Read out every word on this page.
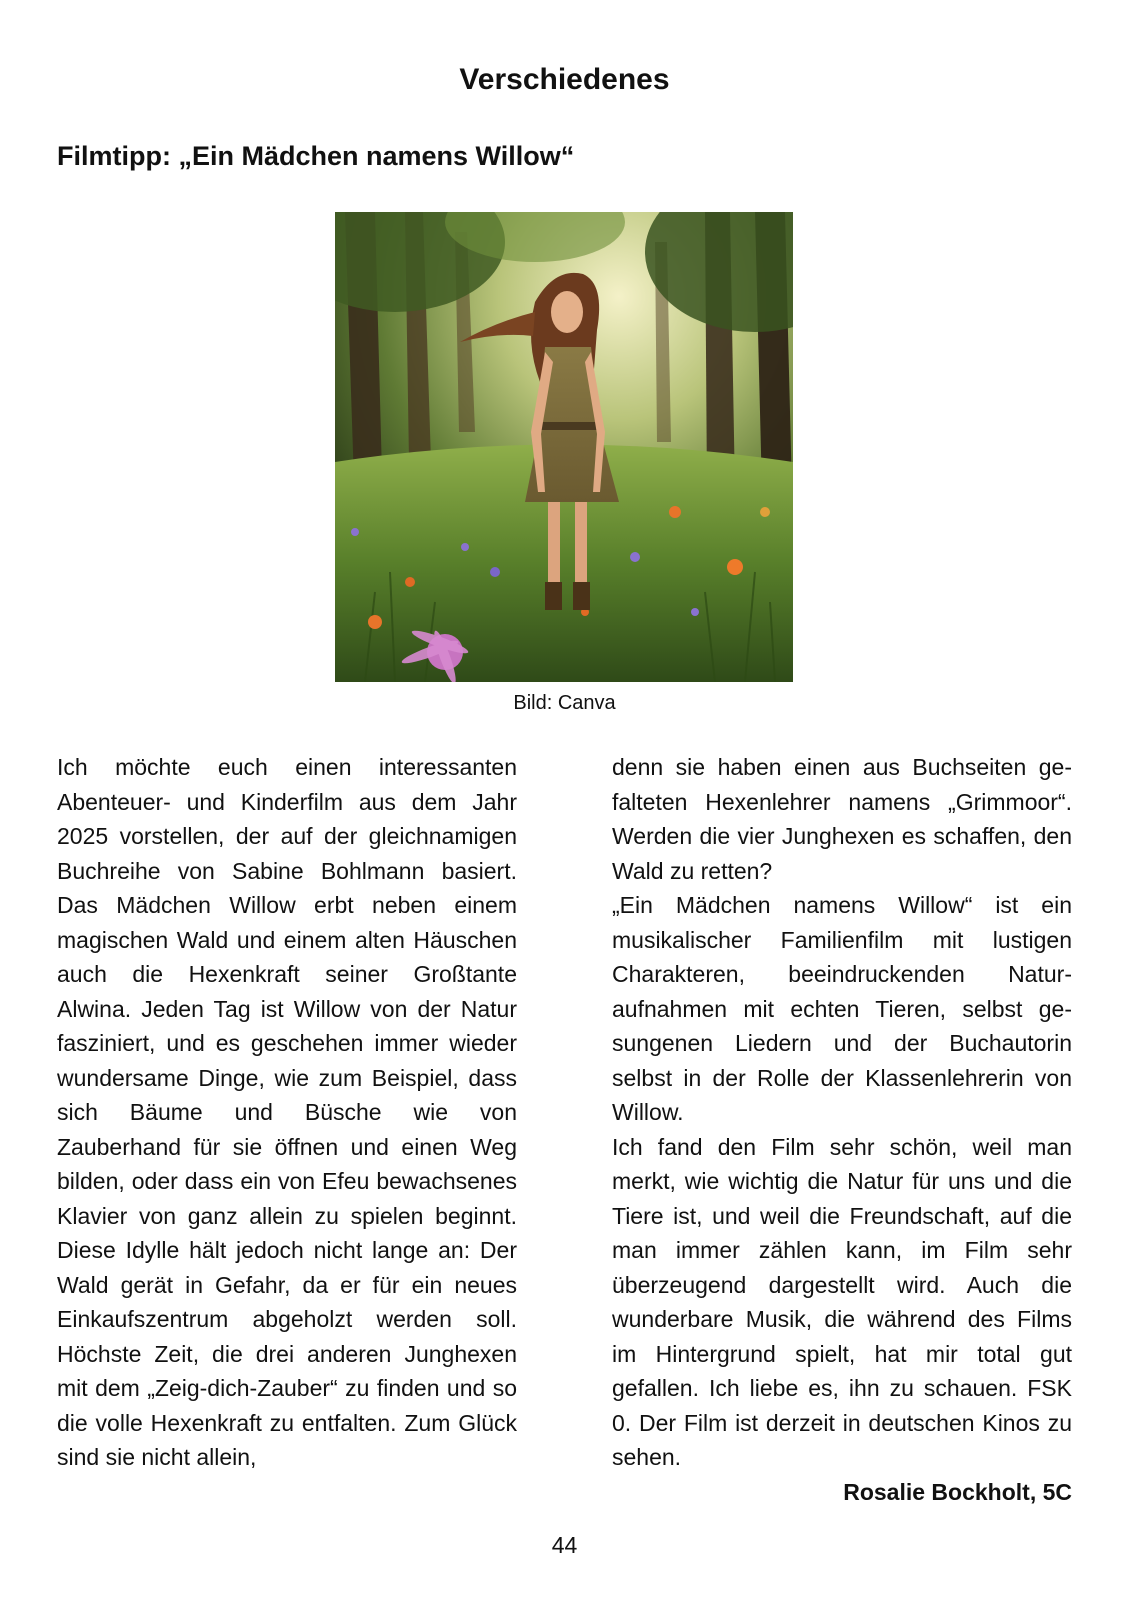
Verschiedenes
Filmtipp: „Ein Mädchen namens Willow“
Bild: Canva

Ich möchte euch einen interessanten Abenteuer- und Kinderfilm aus dem Jahr 2025 vorstellen, der auf der gleichnamigen Buchreihe von Sabine Bohlmann basiert. Das Mädchen Willow erbt neben einem magischen Wald und einem alten Häuschen auch die Hexenkraft seiner Großtante Alwina. Jeden Tag ist Willow von der Natur fasziniert, und es geschehen immer wieder wundersame Dinge, wie zum Beispiel, dass sich Bäume und Büsche wie von Zauberhand für sie öffnen und einen Weg bilden, oder dass ein von Efeu bewachsenes Klavier von ganz allein zu spielen beginnt. Diese Idylle hält jedoch nicht lange an: Der Wald gerät in Gefahr, da er für ein neues Einkaufszentrum abgeholzt werden soll. Höchste Zeit, die drei anderen Junghexen mit dem „Zeig-dich-Zauber“ zu finden und so die volle Hexenkraft zu entfalten. Zum Glück sind sie nicht allein,

denn sie haben einen aus Buchseiten gefalteten Hexenlehrer namens „Grimmoor“. Werden die vier Junghexen es schaffen, den Wald zu retten?

„Ein Mädchen namens Willow“ ist ein musikalischer Familienfilm mit lustigen Charakteren, beeindruckenden Naturaufnahmen mit echten Tieren, selbst gesungenen Liedern und der Buchautorin selbst in der Rolle der Klassenlehrerin von Willow.

Ich fand den Film sehr schön, weil man merkt, wie wichtig die Natur für uns und die Tiere ist, und weil die Freundschaft, auf die man immer zählen kann, im Film sehr überzeugend dargestellt wird. Auch die wunderbare Musik, die während des Films im Hintergrund spielt, hat mir total gut gefallen. Ich liebe es, ihn zu schauen. FSK 0. Der Film ist derzeit in deutschen Kinos zu sehen.

Rosalie Bockholt, 5C

44
